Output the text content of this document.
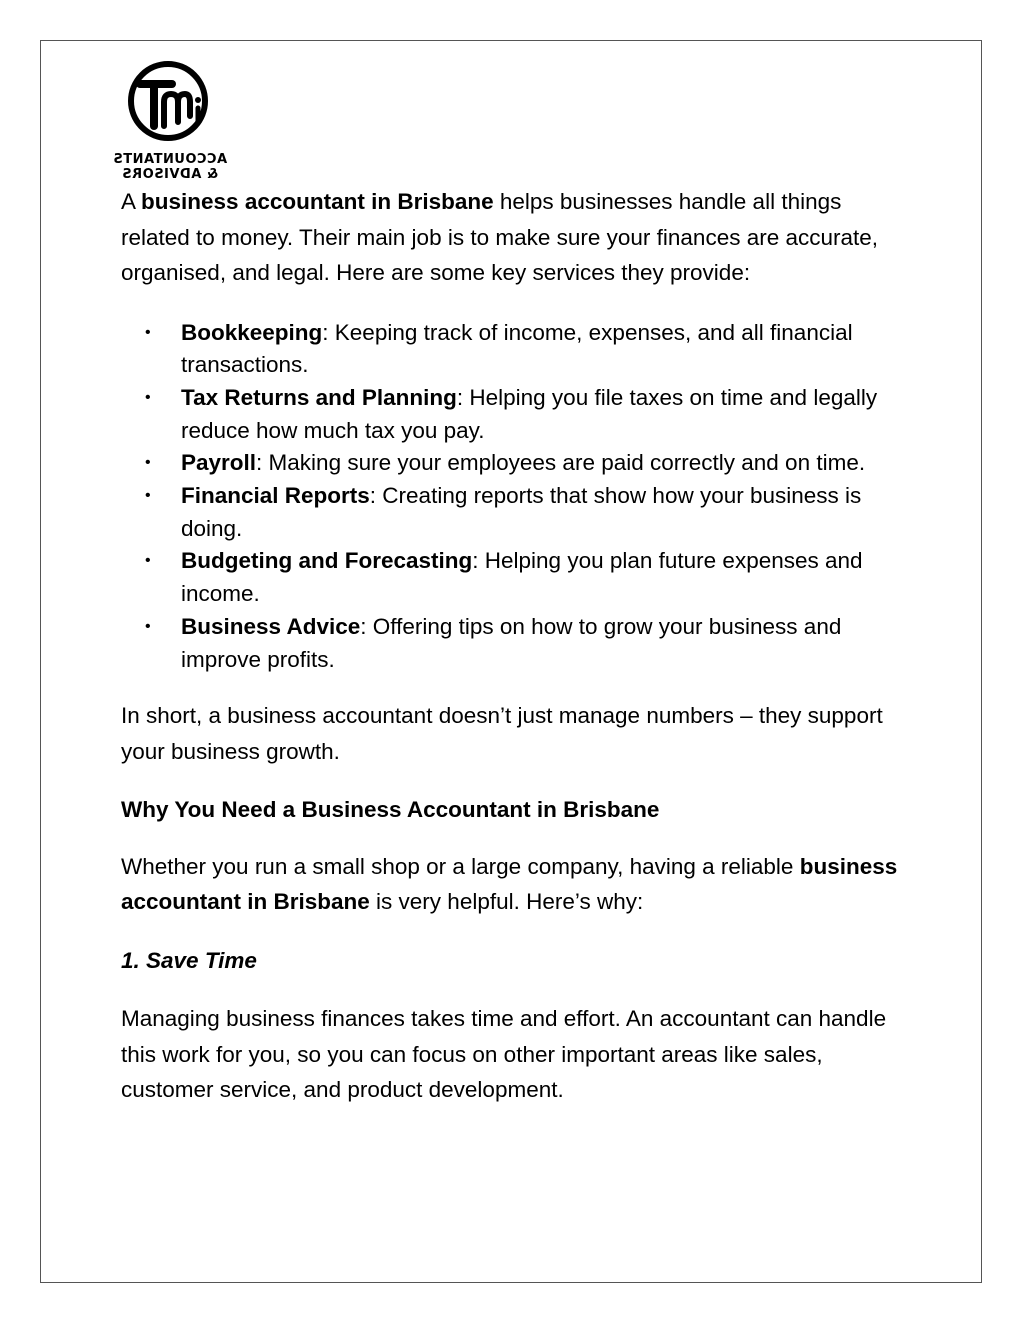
ACCOUNTANTS
& ADVISORS

A business accountant in Brisbane helps businesses handle all things related to money. Their main job is to make sure your finances are accurate, organised, and legal. Here are some key services they provide:

• Bookkeeping: Keeping track of income, expenses, and all financial transactions.
• Tax Returns and Planning: Helping you file taxes on time and legally reduce how much tax you pay.
• Payroll: Making sure your employees are paid correctly and on time.
• Financial Reports: Creating reports that show how your business is doing.
• Budgeting and Forecasting: Helping you plan future expenses and income.
• Business Advice: Offering tips on how to grow your business and improve profits.

In short, a business accountant doesn’t just manage numbers – they support your business growth.

Why You Need a Business Accountant in Brisbane

Whether you run a small shop or a large company, having a reliable business accountant in Brisbane is very helpful. Here’s why:

1. Save Time

Managing business finances takes time and effort. An accountant can handle this work for you, so you can focus on other important areas like sales, customer service, and product development.
